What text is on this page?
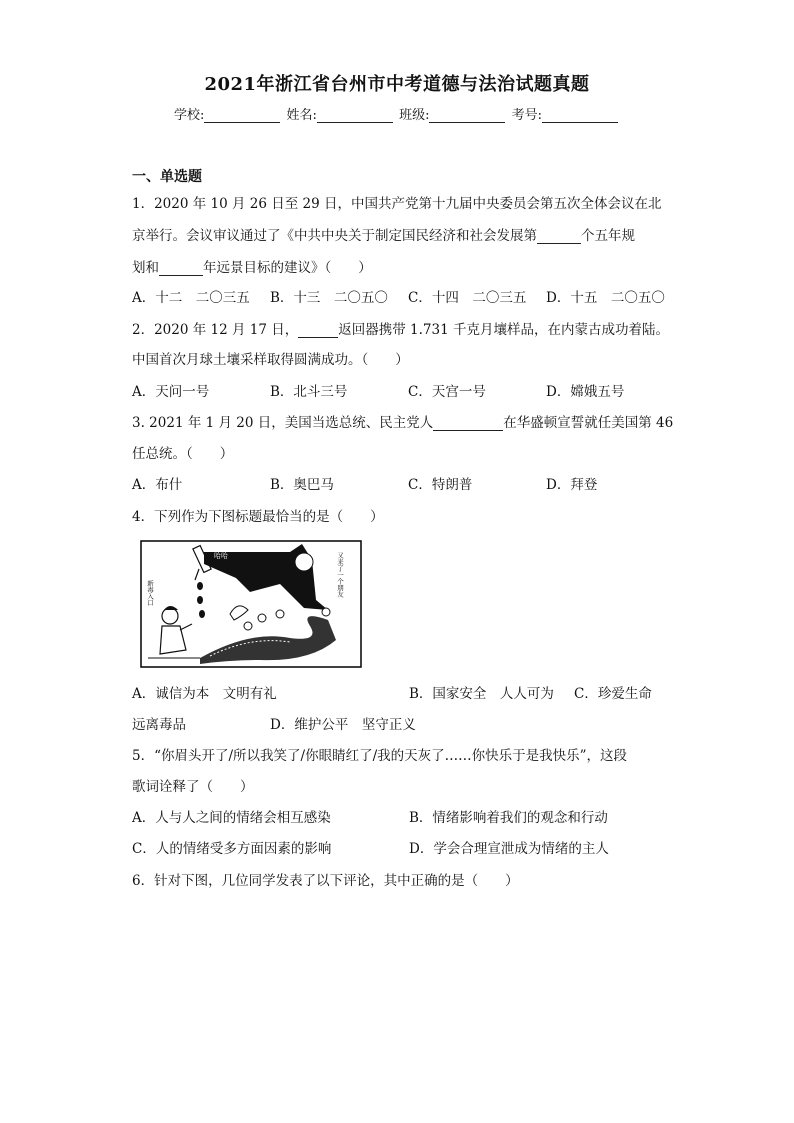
2021年浙江省台州市中考道德与法治试题真题
学校:	姓名:	班级:	考号:
一、单选题
1．2020 年 10 月 26 日至 29 日，中国共产党第十九届中央委员会第五次全体会议在北
京举行。会议审议通过了《中共中央关于制定国民经济和社会发展第	个五年规
划和	年远景目标的建议》（　　）
A．十二　二〇三五 B．十三　二〇五〇 C．十四　二〇三五 D．十五　二〇五〇
2．2020 年 12 月 17 日，	返回器携带 1.731 千克月壤样品，在内蒙古成功着陆。
中国首次月球土壤采样取得圆满成功。（　　）
A．天问一号	B．北斗三号	C．天宫一号	D．嫦娥五号
3. 2021 年 1 月 20 日，美国当选总统、民主党人	在华盛顿宣誓就任美国第 46
任总统。（　　）
A．布什	B．奥巴马	C．特朗普	D．拜登
4．下列作为下图标题最恰当的是（　　）
哈哈	又来了一个朋友
新毒入口
A．诚信为本　文明有礼	B．国家安全　人人可为 C．珍爱生命
远离毒品	D．维护公平　坚守正义
5．“你眉头开了/所以我笑了/你眼睛红了/我的天灰了……你快乐于是我快乐”，这段
歌词诠释了（　　）
A．人与人之间的情绪会相互感染	B．情绪影响着我们的观念和行动
C．人的情绪受多方面因素的影响	D．学会合理宣泄成为情绪的主人
6．针对下图，几位同学发表了以下评论，其中正确的是（　　）
